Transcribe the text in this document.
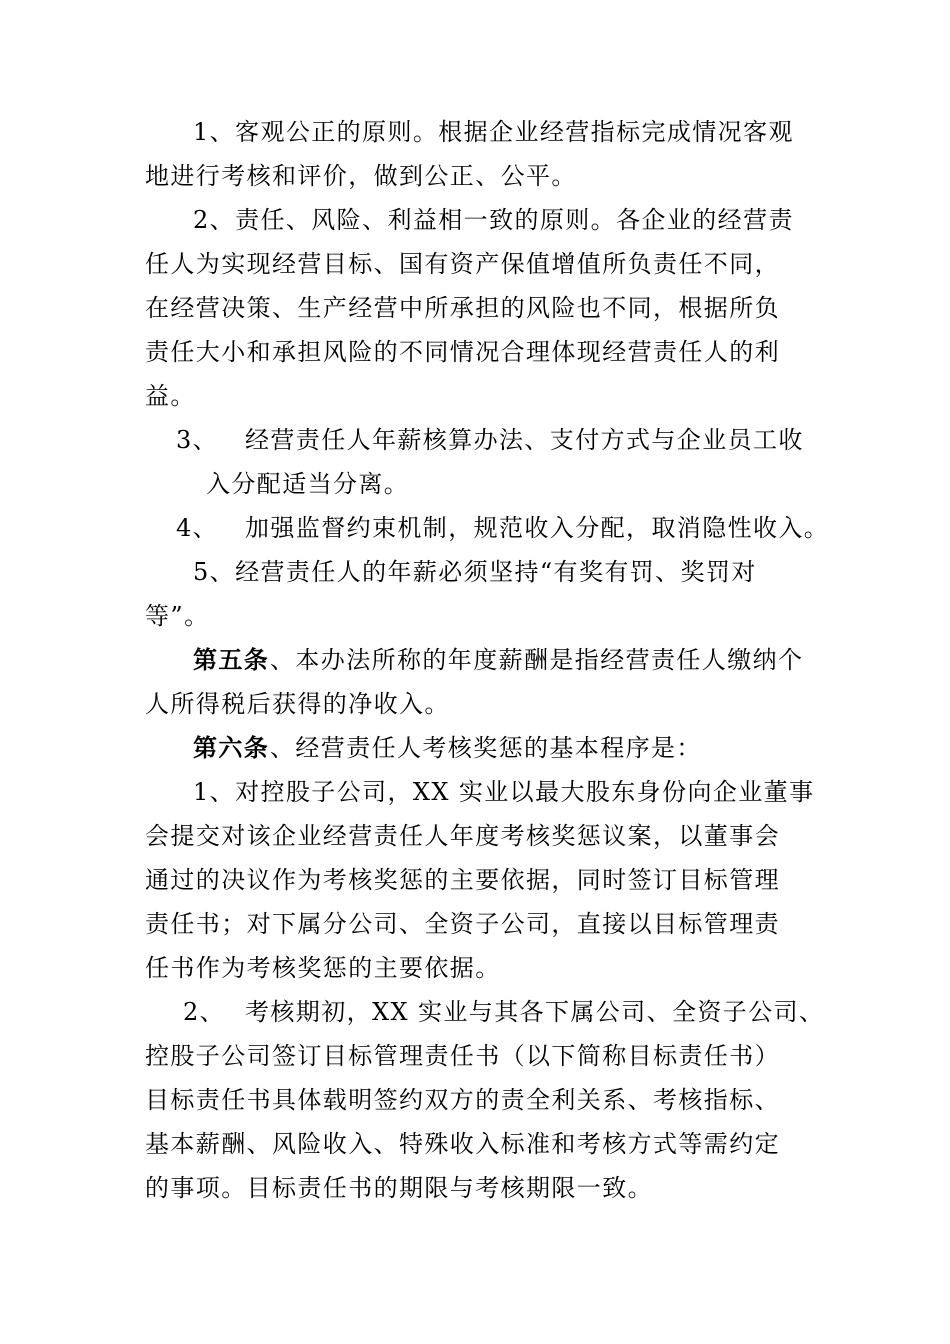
1、客观公正的原则。根据企业经营指标完成情况客观
地进行考核和评价，做到公正、公平。
2、责任、风险、利益相一致的原则。各企业的经营责
任人为实现经营目标、国有资产保值增值所负责任不同，
在经营决策、生产经营中所承担的风险也不同，根据所负
责任大小和承担风险的不同情况合理体现经营责任人的利
益。
3、 经营责任人年薪核算办法、支付方式与企业员工收
入分配适当分离。
4、 加强监督约束机制，规范收入分配，取消隐性收入。
5、经营责任人的年薪必须坚持“有奖有罚、奖罚对
等”。
第五条 、本办法所称的年度薪酬是指经营责任人缴纳个
人所得税后获得的净收入。
第六条 、经营责任人考核奖惩的基本程序是：
1、对控股子公司，XX 实业以最大股东身份向企业董事
会提交对该企业经营责任人年度考核奖惩议案，以董事会
通过的决议作为考核奖惩的主要依据，同时签订目标管理
责任书；对下属分公司、全资子公司，直接以目标管理责
任书作为考核奖惩的主要依据。
2、 考核期初，XX 实业与其各下属公司、全资子公司、
控股子公司签订目标管理责任书（以下简称目标责任书）
目标责任书具体载明签约双方的责全利关系、考核指标、
基本薪酬、风险收入、特殊收入标准和考核方式等需约定
的事项。目标责任书的期限与考核期限一致。
